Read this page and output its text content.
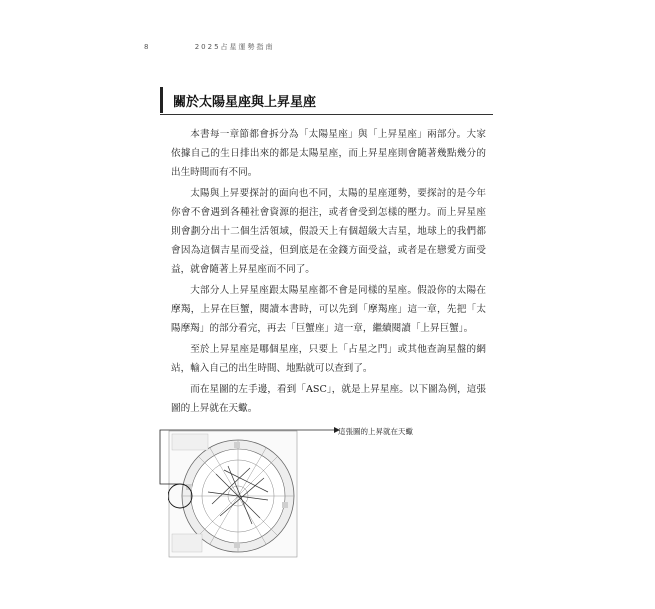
8	2025占星運勢指南
關於太陽星座與上昇星座

本書每一章節都會拆分為「太陽星座」與「上昇星座」兩部分。大家依據自己的生日排出來的都是太陽星座，而上昇星座則會隨著幾點幾分的出生時間而有不同。

太陽與上昇要探討的面向也不同，太陽的星座運勢，要探討的是今年你會不會遇到各種社會資源的挹注，或者會受到怎樣的壓力。而上昇星座則會劃分出十二個生活領域，假設天上有個超級大吉星，地球上的我們都會因為這個吉星而受益，但到底是在金錢方面受益，或者是在戀愛方面受益，就會隨著上昇星座而不同了。

大部分人上昇星座跟太陽星座都不會是同樣的星座。假設你的太陽在摩羯，上昇在巨蟹，閱讀本書時，可以先到「摩羯座」這一章，先把「太陽摩羯」的部分看完，再去「巨蟹座」這一章，繼續閱讀「上昇巨蟹」。

至於上昇星座是哪個星座，只要上「占星之門」或其他查詢星盤的網站，輸入自己的出生時間、地點就可以查到了。

而在星圖的左手邊，看到「ASC」，就是上昇星座。以下圖為例，這張圖的上昇就在天蠍。

這張圖的上昇就在天蠍
